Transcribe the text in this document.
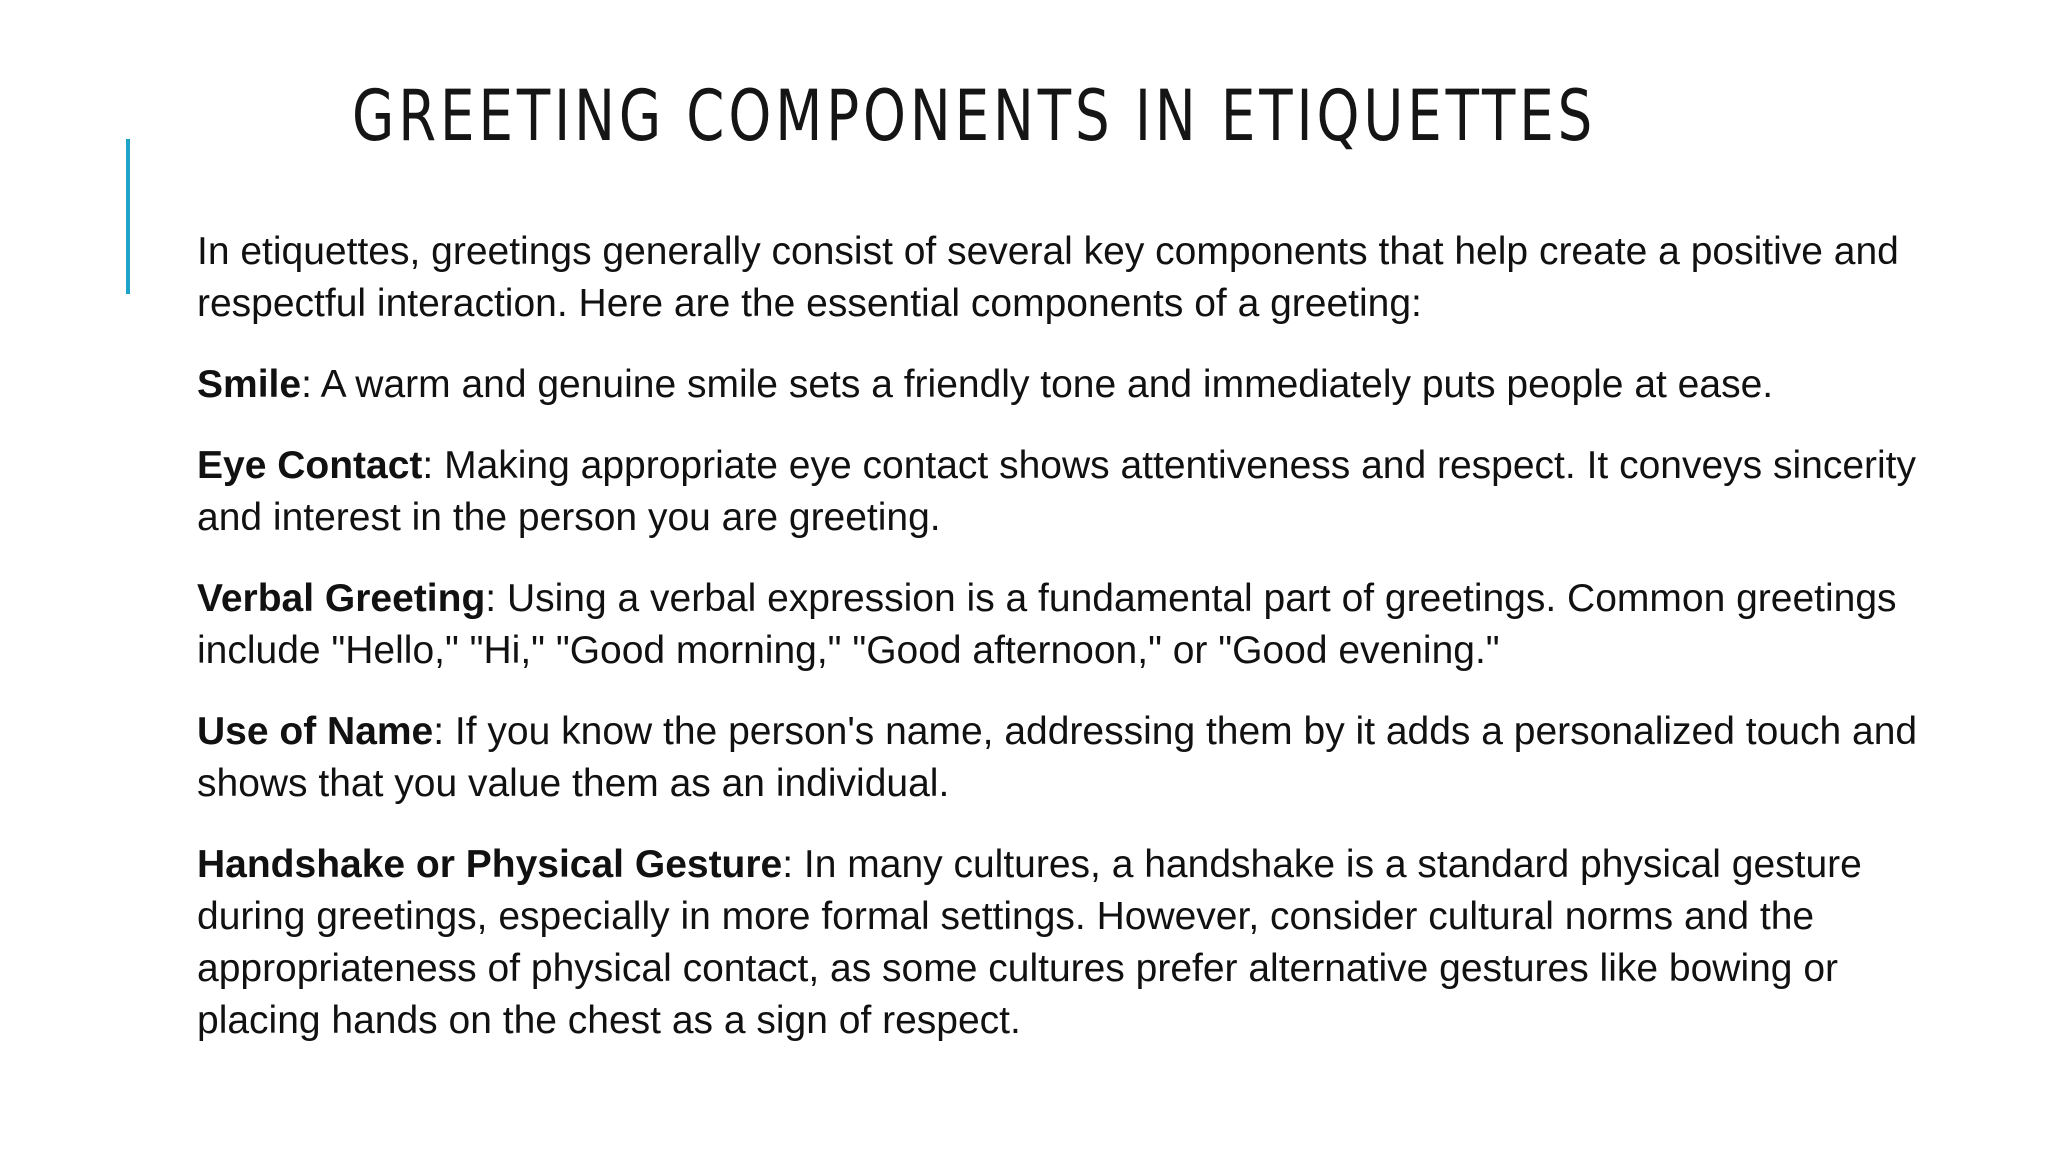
GREETING COMPONENTS IN ETIQUETTES

In etiquettes, greetings generally consist of several key components that help create a positive and respectful interaction. Here are the essential components of a greeting:

Smile: A warm and genuine smile sets a friendly tone and immediately puts people at ease.

Eye Contact: Making appropriate eye contact shows attentiveness and respect. It conveys sincerity and interest in the person you are greeting.

Verbal Greeting: Using a verbal expression is a fundamental part of greetings. Common greetings include "Hello," "Hi," "Good morning," "Good afternoon," or "Good evening."

Use of Name: If you know the person's name, addressing them by it adds a personalized touch and shows that you value them as an individual.

Handshake or Physical Gesture: In many cultures, a handshake is a standard physical gesture during greetings, especially in more formal settings. However, consider cultural norms and the appropriateness of physical contact, as some cultures prefer alternative gestures like bowing or placing hands on the chest as a sign of respect.
